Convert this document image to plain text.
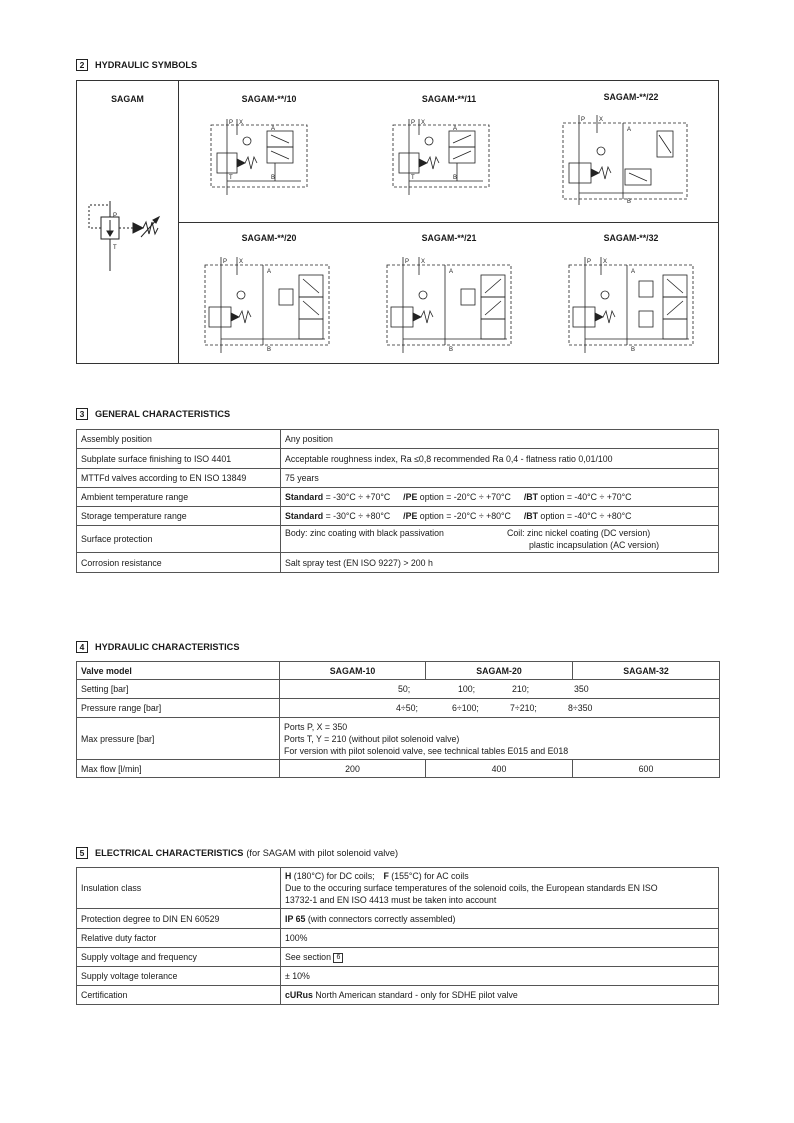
2	HYDRAULIC SYMBOLS
SAGAM	SAGAM-**/10	SAGAM-**/11	SAGAM-**/22
SAGAM-**/20	SAGAM-**/21	SAGAM-**/32
P
T
P X
A
B
T
P X
A
B
T
P X
A
B
P X
A
B
P X
A
B
P X
A
B
3	GENERAL CHARACTERISTICS
Assembly position	Any position
Subplate surface finishing to ISO 4401	Acceptable roughness index, Ra ≤0,8 recommended Ra 0,4 - flatness ratio 0,01/100
MTTFd valves according to EN ISO 13849	75 years
Ambient temperature range	Standard = -30°C ÷ +70°C /PE option = -20°C ÷ +70°C /BT option = -40°C ÷ +70°C
Storage temperature range	Standard = -30°C ÷ +80°C /PE option = -20°C ÷ +80°C /BT option = -40°C ÷ +80°C
Surface protection	Body: zinc coating with black passivation Coil: zinc nickel coating (DC version)
plastic incapsulation (AC version)

Corrosion resistance	Salt spray test (EN ISO 9227) > 200 h
4	HYDRAULIC CHARACTERISTICS
Valve model	SAGAM-10	SAGAM-20	SAGAM-32
Setting [bar]	50; 100; 210; 350		
Pressure range [bar]	4÷50; 6÷100; 7÷210; 8÷350		
Max pressure [bar]	Ports P, X = 350
Ports T, Y = 210 (without pilot solenoid valve)
For version with pilot solenoid valve, see technical tables E015 and E018		

Max flow [l/min]	200	400	600
5	ELECTRICAL CHARACTERISTICS (for SAGAM with pilot solenoid valve)
Insulation class	H (180°C) for DC coils; F (155°C) for AC coils
Due to the occuring surface temperatures of the solenoid coils, the European standards EN ISO
13732-1 and EN ISO 4413 must be taken into account

Protection degree to DIN EN 60529	IP 65 (with connectors correctly assembled)
Relative duty factor	100%
Supply voltage and frequency	See section 6
Supply voltage tolerance	± 10%
Certification	cURus North American standard - only for SDHE pilot valve
